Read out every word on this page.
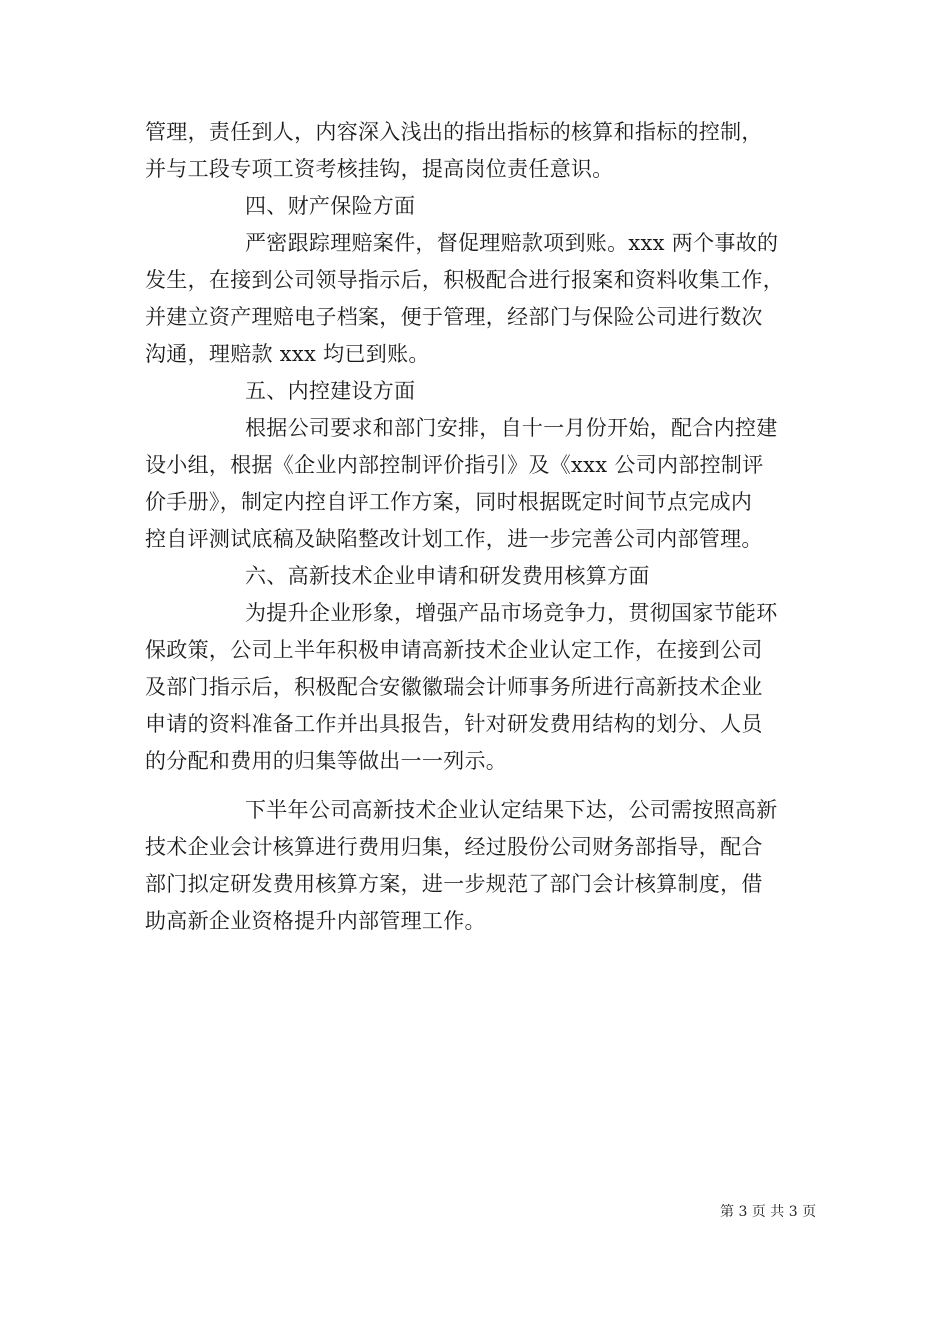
管理，责任到人，内容深入浅出的指出指标的核算和指标的控制，
并与工段专项工资考核挂钩，提高岗位责任意识。
四、财产保险方面
严密跟踪理赔案件，督促理赔款项到账。xxx 两个事故的
发生，在接到公司领导指示后，积极配合进行报案和资料收集工作，
并建立资产理赔电子档案，便于管理，经部门与保险公司进行数次
沟通，理赔款 xxx 均已到账。
五、内控建设方面
根据公司要求和部门安排，自十一月份开始，配合内控建
设小组，根据《企业内部控制评价指引》及《xxx 公司内部控制评
价手册》，制定内控自评工作方案，同时根据既定时间节点完成内
控自评测试底稿及缺陷整改计划工作，进一步完善公司内部管理。
六、高新技术企业申请和研发费用核算方面
为提升企业形象，增强产品市场竞争力，贯彻国家节能环
保政策，公司上半年积极申请高新技术企业认定工作，在接到公司
及部门指示后，积极配合安徽徽瑞会计师事务所进行高新技术企业
申请的资料准备工作并出具报告，针对研发费用结构的划分、人员
的分配和费用的归集等做出一一列示。
下半年公司高新技术企业认定结果下达，公司需按照高新
技术企业会计核算进行费用归集，经过股份公司财务部指导，配合
部门拟定研发费用核算方案，进一步规范了部门会计核算制度，借
助高新企业资格提升内部管理工作。
第 3 页 共 3 页
